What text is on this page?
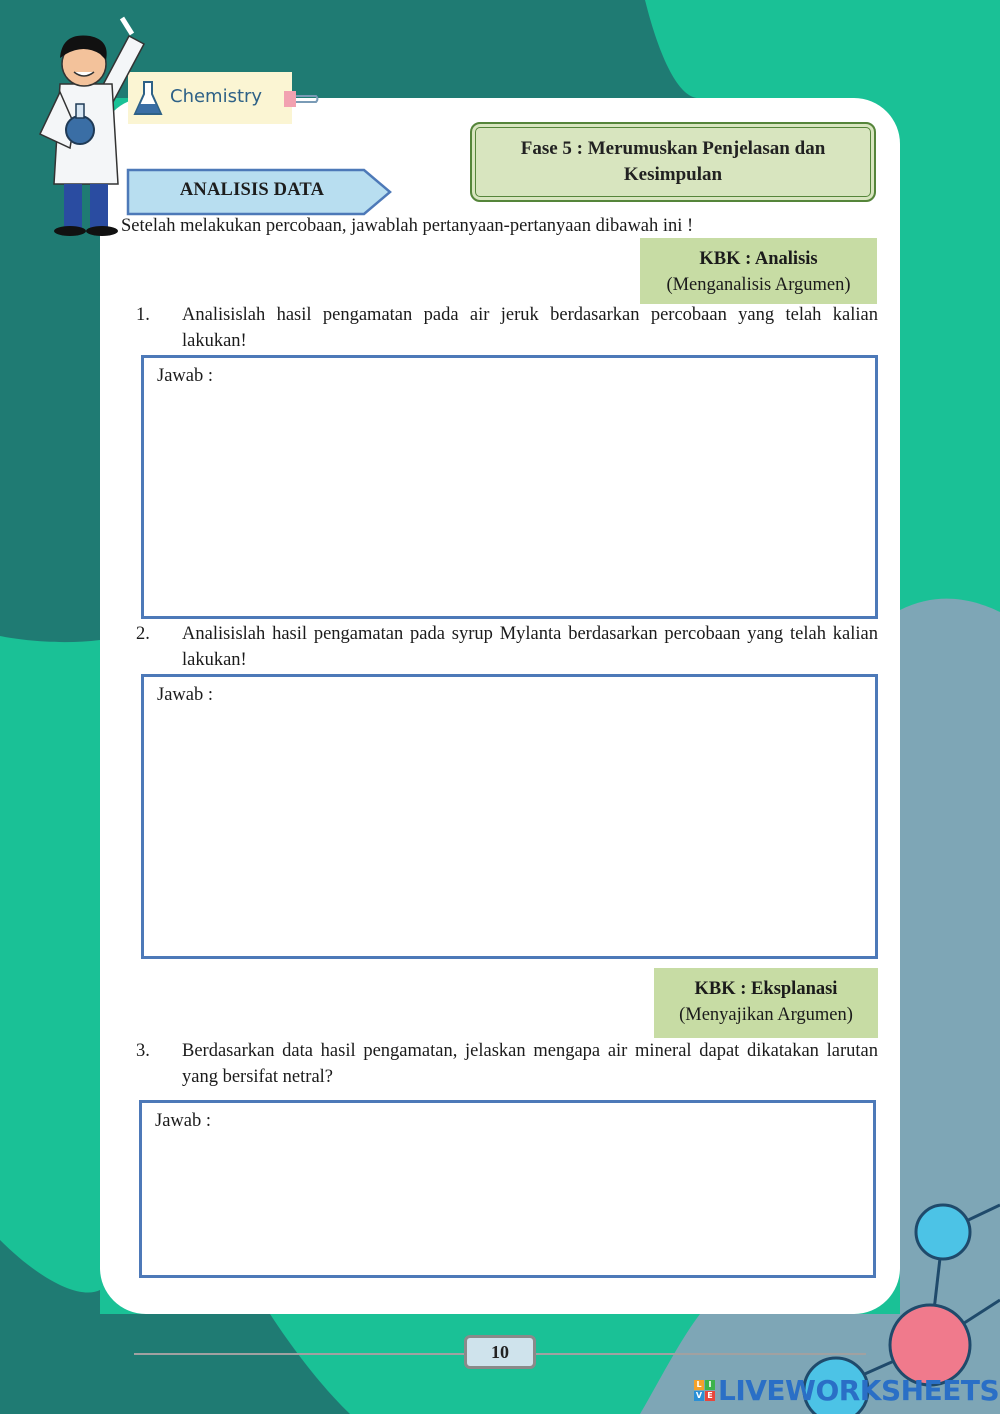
Chemistry
Fase 5 : Merumuskan Penjelasan dan Kesimpulan
ANALISIS DATA
Setelah melakukan percobaan, jawablah pertanyaan-pertanyaan dibawah ini !
KBK : Analisis
(Menganalisis Argumen)
1. Analisislah hasil pengamatan pada air jeruk berdasarkan percobaan yang telah kalian lakukan!
Jawab :
2. Analisislah hasil pengamatan pada syrup Mylanta berdasarkan percobaan yang telah kalian lakukan!
Jawab :
KBK : Eksplanasi
(Menyajikan Argumen)
3. Berdasarkan data hasil pengamatan, jelaskan mengapa air mineral dapat dikatakan larutan yang bersifat netral?
Jawab :
10
L I
V E LIVEWORKSHEETS
